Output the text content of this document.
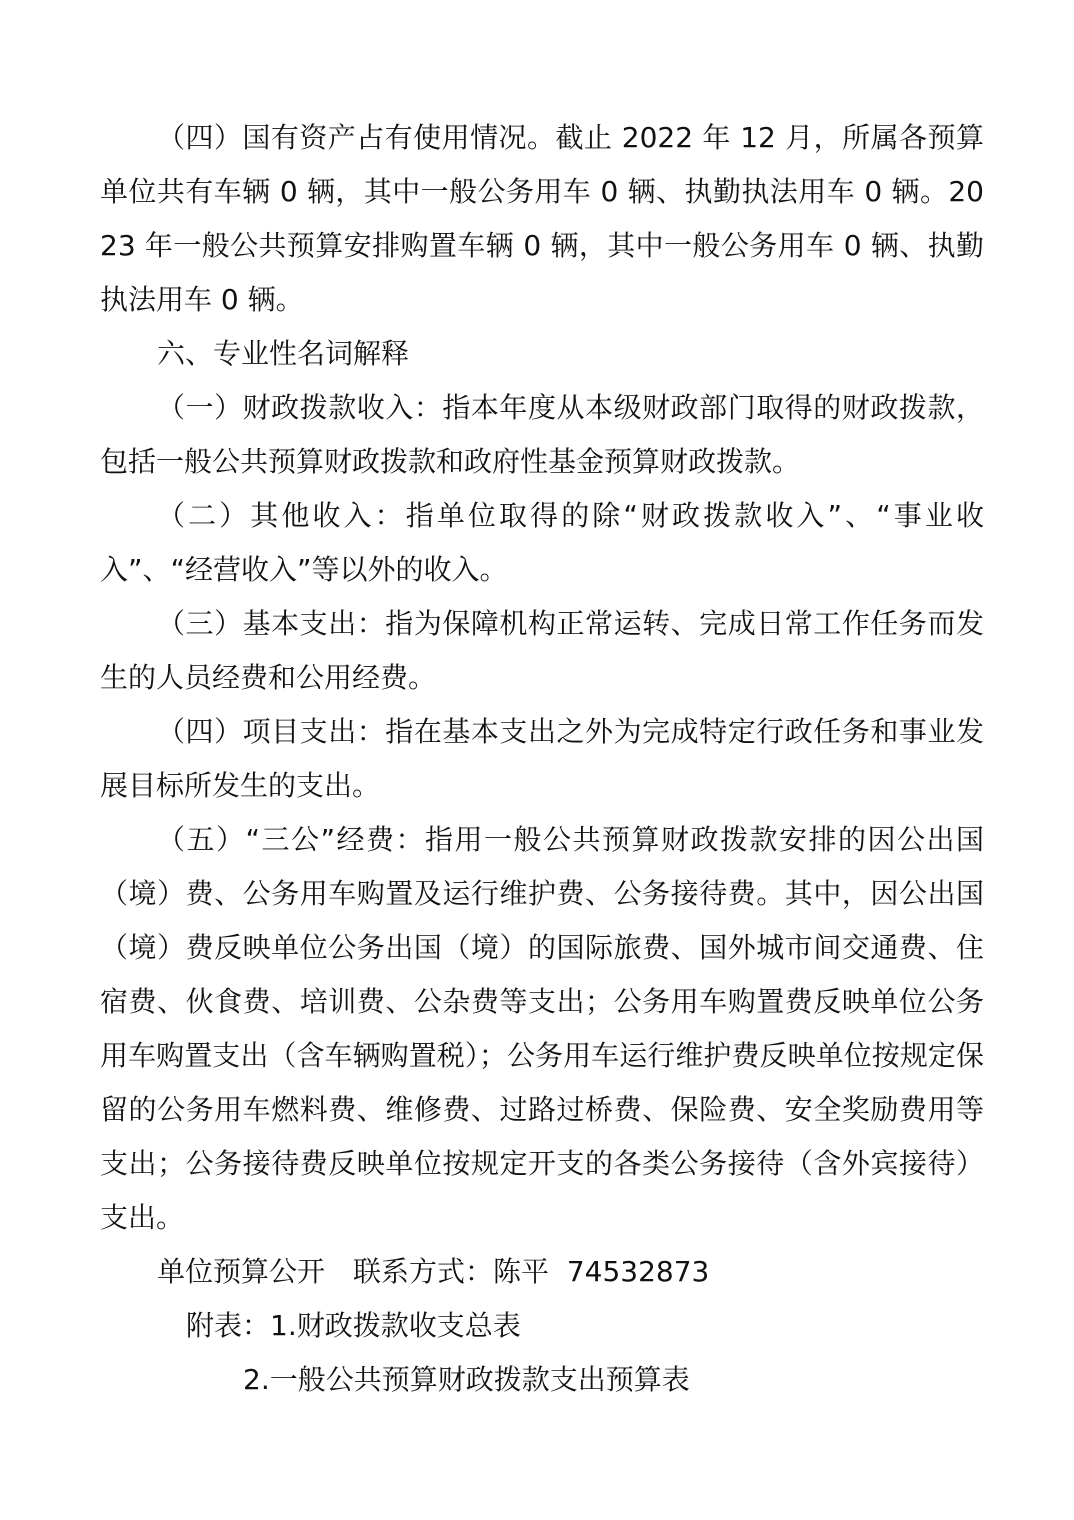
（四）国有资产占有使用情况。截止 2022 年 12 月，所属各预算单位共有车辆 0 辆，其中一般公务用车 0 辆、执勤执法用车 0 辆。2023 年一般公共预算安排购置车辆 0 辆，其中一般公务用车 0 辆、执勤执法用车 0 辆。

六、专业性名词解释

（一）财政拨款收入：指本年度从本级财政部门取得的财政拨款，包括一般公共预算财政拨款和政府性基金预算财政拨款。

（二）其他收入：指单位取得的除“财政拨款收入”、“事业收入”、“经营收入”等以外的收入。

（三）基本支出：指为保障机构正常运转、完成日常工作任务而发生的人员经费和公用经费。

（四）项目支出：指在基本支出之外为完成特定行政任务和事业发展目标所发生的支出。

（五）“三公”经费：指用一般公共预算财政拨款安排的因公出国（境）费、公务用车购置及运行维护费、公务接待费。其中，因公出国（境）费反映单位公务出国（境）的国际旅费、国外城市间交通费、住宿费、伙食费、培训费、公杂费等支出；公务用车购置费反映单位公务用车购置支出（含车辆购置税）；公务用车运行维护费反映单位按规定保留的公务用车燃料费、维修费、过路过桥费、保险费、安全奖励费用等支出；公务接待费反映单位按规定开支的各类公务接待（含外宾接待）支出。

单位预算公开　联系方式：陈平 74532873

附表：1.财政拨款收支总表

2.一般公共预算财政拨款支出预算表
